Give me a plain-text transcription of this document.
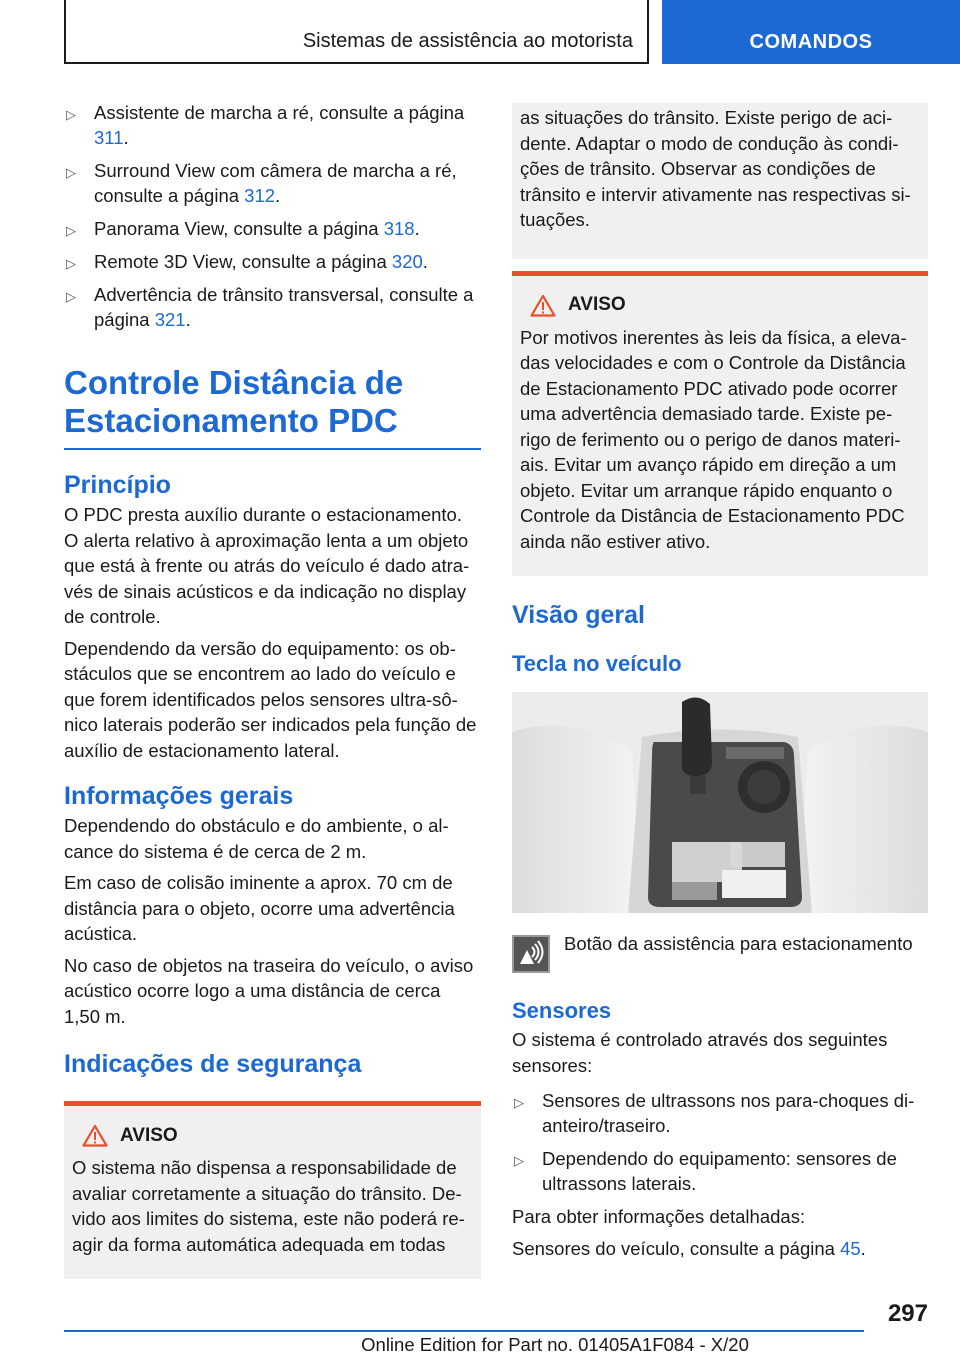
Sistemas de assistência ao motorista	COMANDOS
▷ Assistente de marcha a ré, consulte a página 311.
▷ Surround View com câmera de marcha a ré, consulte a página 312.
▷ Panorama View, consulte a página 318.
▷ Remote 3D View, consulte a página 320.
▷ Advertência de trânsito transversal, consulte a página 321.
Controle Distância de Estacionamento PDC
Princípio

O PDC presta auxílio durante o estacionamento. O alerta relativo à aproximação lenta a um objeto que está à frente ou atrás do veículo é dado atra-vés de sinais acústicos e da indicação no display de controle.

Dependendo da versão do equipamento: os ob-stáculos que se encontrem ao lado do veículo e que forem identificados pelos sensores ultra-sô-nico laterais poderão ser indicados pela função de auxílio de estacionamento lateral.

Informações gerais

Dependendo do obstáculo e do ambiente, o al-cance do sistema é de cerca de 2 m.

Em caso de colisão iminente a aprox. 70 cm de distância para o objeto, ocorre uma advertência acústica.

No caso de objetos na traseira do veículo, o aviso acústico ocorre logo a uma distância de cerca 1,50 m.

Indicações de segurança
AVISO

O sistema não dispensa a responsabilidade de avaliar corretamente a situação do trânsito. De-vido aos limites do sistema, este não poderá re-agir da forma automática adequada em todas

as situações do trânsito. Existe perigo de aci-dente. Adaptar o modo de condução às condi-ções de trânsito. Observar as condições de trânsito e intervir ativamente nas respectivas si-tuações.

AVISO

Por motivos inerentes às leis da física, a eleva-das velocidades e com o Controle da Distância de Estacionamento PDC ativado pode ocorrer uma advertência demasiado tarde. Existe pe-rigo de ferimento ou o perigo de danos materi-ais. Evitar um avanço rápido em direção a um objeto. Evitar um arranque rápido enquanto o Controle da Distância de Estacionamento PDC ainda não estiver ativo.

Visão geral
Tecla no veículo

Botão da assistência para estacionamento

Sensores

O sistema é controlado através dos seguintes sensores:

▷ Sensores de ultrassons nos para-choques di-anteiro/traseiro.
▷ Dependendo do equipamento: sensores de ultrassons laterais.

Para obter informações detalhadas:

Sensores do veículo, consulte a página 45.

297
Online Edition for Part no. 01405A1F084 - X/20
